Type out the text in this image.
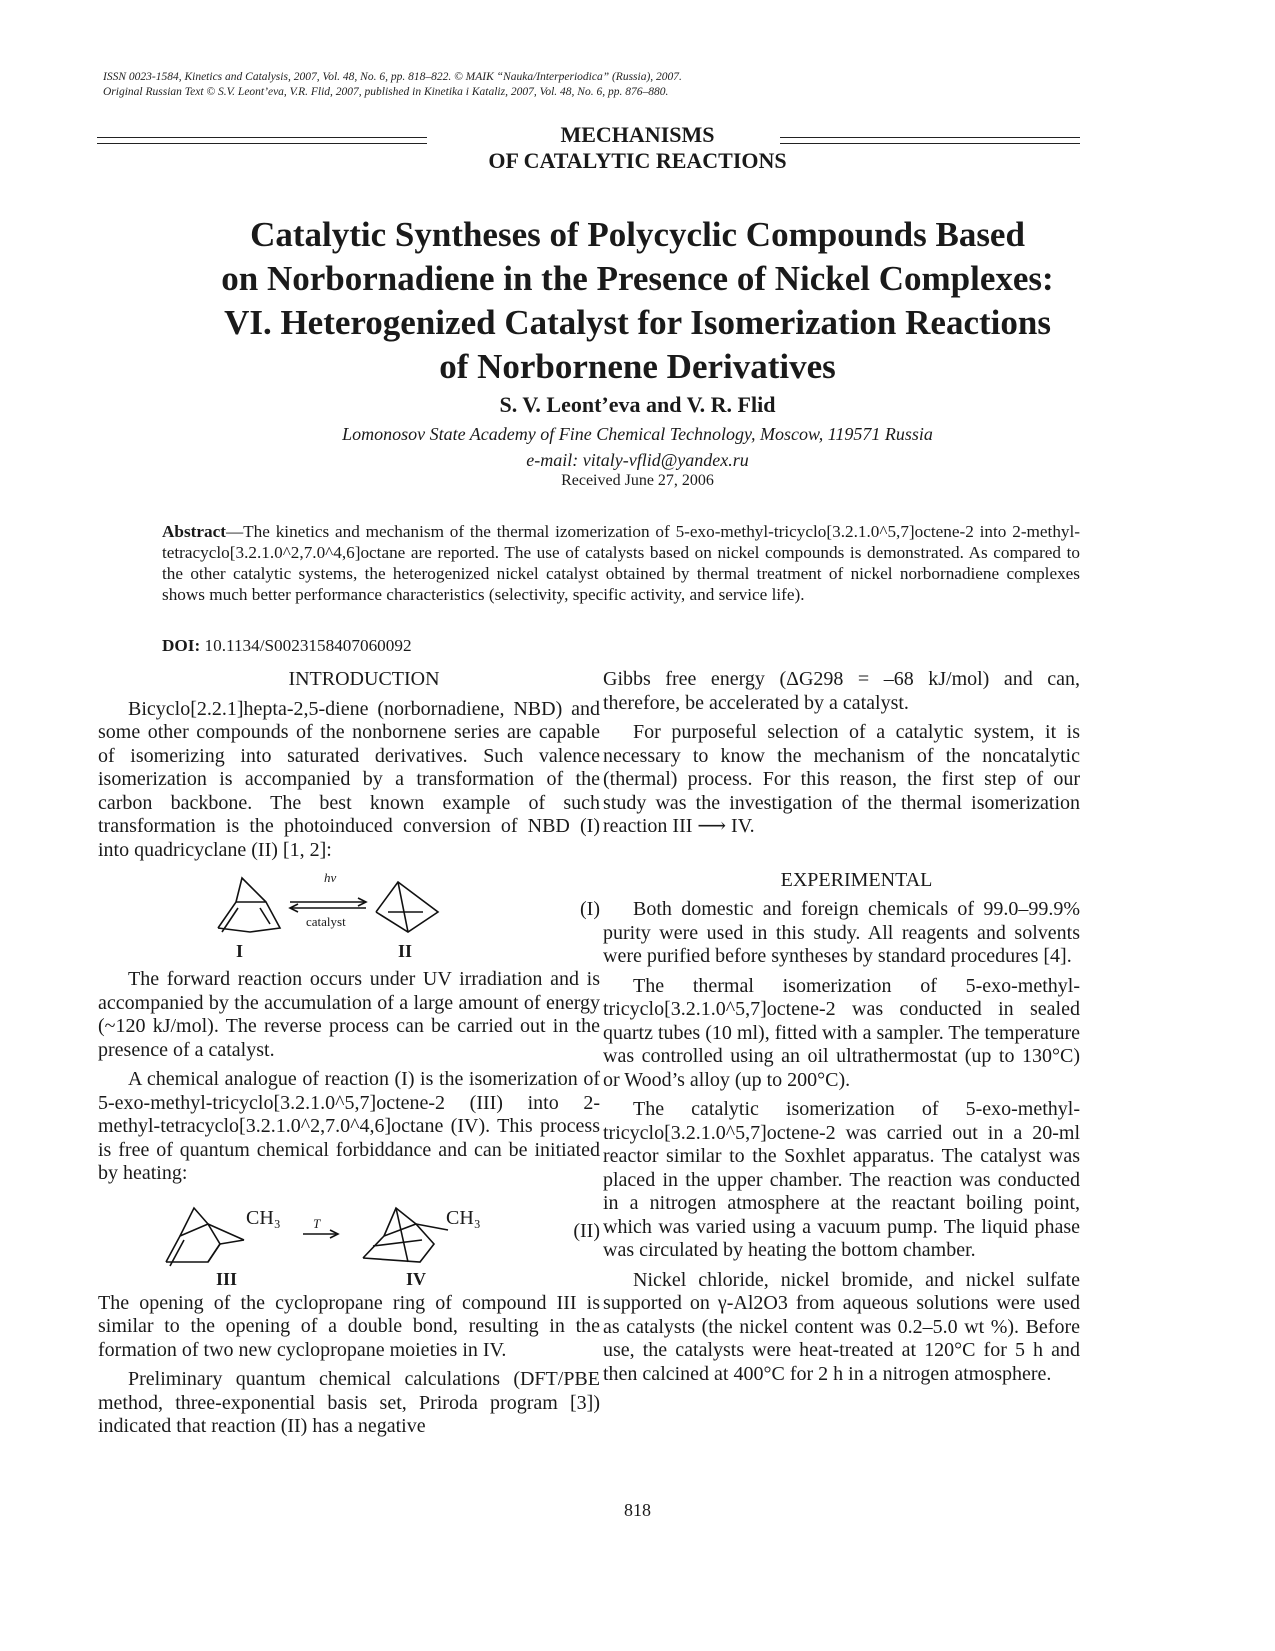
ISSN 0023-1584, Kinetics and Catalysis, 2007, Vol. 48, No. 6, pp. 818–822. © MAIK “Nauka/Interperiodica” (Russia), 2007.
Original Russian Text © S.V. Leont’eva, V.R. Flid, 2007, published in Kinetika i Kataliz, 2007, Vol. 48, No. 6, pp. 876–880.
MECHANISMS
OF CATALYTIC REACTIONS
Catalytic Syntheses of Polycyclic Compounds Based
on Norbornadiene in the Presence of Nickel Complexes:
VI. Heterogenized Catalyst for Isomerization Reactions
of Norbornene Derivatives
S. V. Leont’eva and V. R. Flid
Lomonosov State Academy of Fine Chemical Technology, Moscow, 119571 Russia
e-mail: vitaly-vflid@yandex.ru
Received June 27, 2006
Abstract—The kinetics and mechanism of the thermal izomerization of 5-exo-methyl-tricyclo[3.2.1.0^5,7]octene-2 into 2-methyl-tetracyclo[3.2.1.0^2,7.0^4,6]octane are reported. The use of catalysts based on nickel compounds is demonstrated. As compared to the other catalytic systems, the heterogenized nickel catalyst obtained by thermal treatment of nickel norbornadiene complexes shows much better performance characteristics (selectivity, specific activity, and service life).
DOI: 10.1134/S0023158407060092

INTRODUCTION

Bicyclo[2.2.1]hepta-2,5-diene (norbornadiene, NBD) and some other compounds of the nonbornene series are capable of isomerizing into saturated derivatives. Such valence isomerization is accompanied by a transformation of the carbon backbone. The best known example of such transformation is the photoinduced conversion of NBD (I) into quadricyclane (II) [1, 2]:

hν
catalyst
I	II
(I)

The forward reaction occurs under UV irradiation and is accompanied by the accumulation of a large amount of energy (~120 kJ/mol). The reverse process can be carried out in the presence of a catalyst.

A chemical analogue of reaction (I) is the isomerization of 5-exo-methyl-tricyclo[3.2.1.0^5,7]octene-2 (III) into 2-methyl-tetracyclo[3.2.1.0^2,7.0^4,6]octane (IV). This process is free of quantum chemical forbiddance and can be initiated by heating:

CH₃ T	CH₃
III	IV
(II)

The opening of the cyclopropane ring of compound III is similar to the opening of a double bond, resulting in the formation of two new cyclopropane moieties in IV.

Preliminary quantum chemical calculations (DFT/PBE method, three-exponential basis set, Priroda program [3]) indicated that reaction (II) has a negative

Gibbs free energy (ΔG298 = –68 kJ/mol) and can, therefore, be accelerated by a catalyst.

For purposeful selection of a catalytic system, it is necessary to know the mechanism of the noncatalytic (thermal) process. For this reason, the first step of our study was the investigation of the thermal isomerization reaction III ⟶ IV.

EXPERIMENTAL

Both domestic and foreign chemicals of 99.0–99.9% purity were used in this study. All reagents and solvents were purified before syntheses by standard procedures [4].

The thermal isomerization of 5-exo-methyl-tricyclo[3.2.1.0^5,7]octene-2 was conducted in sealed quartz tubes (10 ml), fitted with a sampler. The temperature was controlled using an oil ultrathermostat (up to 130°C) or Wood’s alloy (up to 200°C).

The catalytic isomerization of 5-exo-methyl-tricyclo[3.2.1.0^5,7]octene-2 was carried out in a 20-ml reactor similar to the Soxhlet apparatus. The catalyst was placed in the upper chamber. The reaction was conducted in a nitrogen atmosphere at the reactant boiling point, which was varied using a vacuum pump. The liquid phase was circulated by heating the bottom chamber.

Nickel chloride, nickel bromide, and nickel sulfate supported on γ-Al2O3 from aqueous solutions were used as catalysts (the nickel content was 0.2–5.0 wt %). Before use, the catalysts were heat-treated at 120°C for 5 h and then calcined at 400°C for 2 h in a nitrogen atmosphere.

818
